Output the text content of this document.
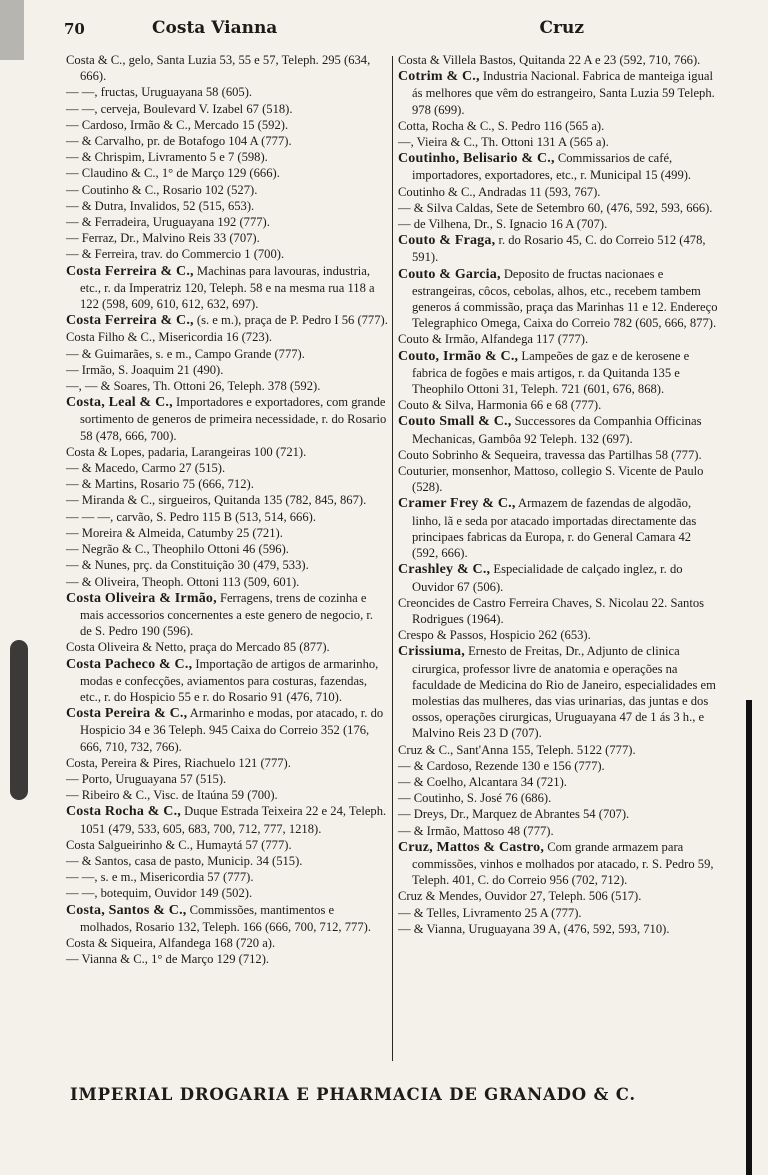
70	Costa Vianna	Cruz

Costa & C., gelo, Santa Luzia 53, 55 e 57, Teleph. 295 (634, 666).

— —, fructas, Uruguayana 58 (605).

— —, cerveja, Boulevard V. Izabel 67 (518).

— Cardoso, Irmão & C., Mercado 15 (592).

— & Carvalho, pr. de Botafogo 104 A (777).

— & Chrispim, Livramento 5 e 7 (598).

— Claudino & C., 1° de Março 129 (666).

— Coutinho & C., Rosario 102 (527).

— & Dutra, Invalidos, 52 (515, 653).

— & Ferradeira, Uruguayana 192 (777).

— Ferraz, Dr., Malvino Reis 33 (707).

— & Ferreira, trav. do Commercio 1 (700).

Costa Ferreira & C., Machinas para lavouras, industria, etc., r. da Imperatriz 120, Teleph. 58 e na mesma rua 118 a 122 (598, 609, 610, 612, 632, 697).

Costa Ferreira & C., (s. e m.), praça de P. Pedro I 56 (777).

Costa Filho & C., Misericordia 16 (723).

— & Guimarães, s. e m., Campo Grande (777).

— Irmão, S. Joaquim 21 (490).

—, — & Soares, Th. Ottoni 26, Teleph. 378 (592).

Costa, Leal & C., Importadores e exportadores, com grande sortimento de generos de primeira necessidade, r. do Rosario 58 (478, 666, 700).

Costa & Lopes, padaria, Larangeiras 100 (721).

— & Macedo, Carmo 27 (515).

— & Martins, Rosario 75 (666, 712).

— Miranda & C., sirgueiros, Quitanda 135 (782, 845, 867).

— — —, carvão, S. Pedro 115 B (513, 514, 666).

— Moreira & Almeida, Catumby 25 (721).

— Negrão & C., Theophilo Ottoni 46 (596).

— & Nunes, prç. da Constituição 30 (479, 533).

— & Oliveira, Theoph. Ottoni 113 (509, 601).

Costa Oliveira & Irmão, Ferragens, trens de cozinha e mais accessorios concernentes a este genero de negocio, r. de S. Pedro 190 (596).

Costa Oliveira & Netto, praça do Mercado 85 (877).

Costa Pacheco & C., Importação de artigos de armarinho, modas e confecções, aviamentos para costuras, fazendas, etc., r. do Hospicio 55 e r. do Rosario 91 (476, 710).

Costa Pereira & C., Armarinho e modas, por atacado, r. do Hospicio 34 e 36 Teleph. 945 Caixa do Correio 352 (176, 666, 710, 732, 766).

Costa, Pereira & Pires, Riachuelo 121 (777).

— Porto, Uruguayana 57 (515).

— Ribeiro & C., Visc. de Itaúna 59 (700).

Costa Rocha & C., Duque Estrada Teixeira 22 e 24, Teleph. 1051 (479, 533, 605, 683, 700, 712, 777, 1218).

Costa Salgueirinho & C., Humaytá 57 (777).

— & Santos, casa de pasto, Municip. 34 (515).

— —, s. e m., Misericordia 57 (777).

— —, botequim, Ouvidor 149 (502).

Costa, Santos & C., Commissões, mantimentos e molhados, Rosario 132, Teleph. 166 (666, 700, 712, 777).

Costa & Siqueira, Alfandega 168 (720 a).

— Vianna & C., 1° de Março 129 (712).

Costa & Villela Bastos, Quitanda 22 A e 23 (592, 710, 766).

Cotrim & C., Industria Nacional. Fabrica de manteiga igual ás melhores que vêm do estrangeiro, Santa Luzia 59 Teleph. 978 (699).

Cotta, Rocha & C., S. Pedro 116 (565 a).

—, Vieira & C., Th. Ottoni 131 A (565 a).

Coutinho, Belisario & C., Commissarios de café, importadores, exportadores, etc., r. Municipal 15 (499).

Coutinho & C., Andradas 11 (593, 767).

— & Silva Caldas, Sete de Setembro 60, (476, 592, 593, 666).

— de Vilhena, Dr., S. Ignacio 16 A (707).

Couto & Fraga, r. do Rosario 45, C. do Correio 512 (478, 591).

Couto & Garcia, Deposito de fructas nacionaes e estrangeiras, côcos, cebolas, alhos, etc., recebem tambem generos á commissão, praça das Marinhas 11 e 12. Endereço Telegraphico Omega, Caixa do Correio 782 (605, 666, 877).

Couto & Irmão, Alfandega 117 (777).

Couto, Irmão & C., Lampeões de gaz e de kerosene e fabrica de fogões e mais artigos, r. da Quitanda 135 e Theophilo Ottoni 31, Teleph. 721 (601, 676, 868).

Couto & Silva, Harmonia 66 e 68 (777).

Couto Small & C., Successores da Companhia Officinas Mechanicas, Gambôa 92 Teleph. 132 (697).

Couto Sobrinho & Sequeira, travessa das Partilhas 58 (777).

Couturier, monsenhor, Mattoso, collegio S. Vicente de Paulo (528).

Cramer Frey & C., Armazem de fazendas de algodão, linho, lã e seda por atacado importadas directamente das principaes fabricas da Europa, r. do General Camara 42 (592, 666).

Crashley & C., Especialidade de calçado inglez, r. do Ouvidor 67 (506).

Creoncides de Castro Ferreira Chaves, S. Nicolau 22. Santos Rodrigues (1964).

Crespo & Passos, Hospicio 262 (653).

Crissiuma, Ernesto de Freitas, Dr., Adjunto de clinica cirurgica, professor livre de anatomia e operações na faculdade de Medicina do Rio de Janeiro, especialidades em molestias das mulheres, das vias urinarias, das juntas e dos ossos, operações cirurgicas, Uruguayana 47 de 1 ás 3 h., e Malvino Reis 23 D (707).

Cruz & C., Sant'Anna 155, Teleph. 5122 (777).

— & Cardoso, Rezende 130 e 156 (777).

— & Coelho, Alcantara 34 (721).

— Coutinho, S. José 76 (686).

— Dreys, Dr., Marquez de Abrantes 54 (707).

— & Irmão, Mattoso 48 (777).

Cruz, Mattos & Castro, Com grande armazem para commissões, vinhos e molhados por atacado, r. S. Pedro 59, Teleph. 401, C. do Correio 956 (702, 712).

Cruz & Mendes, Ouvidor 27, Teleph. 506 (517).

— & Telles, Livramento 25 A (777).

— & Vianna, Uruguayana 39 A, (476, 592, 593, 710).

IMPERIAL DROGARIA E PHARMACIA DE GRANADO & C.
